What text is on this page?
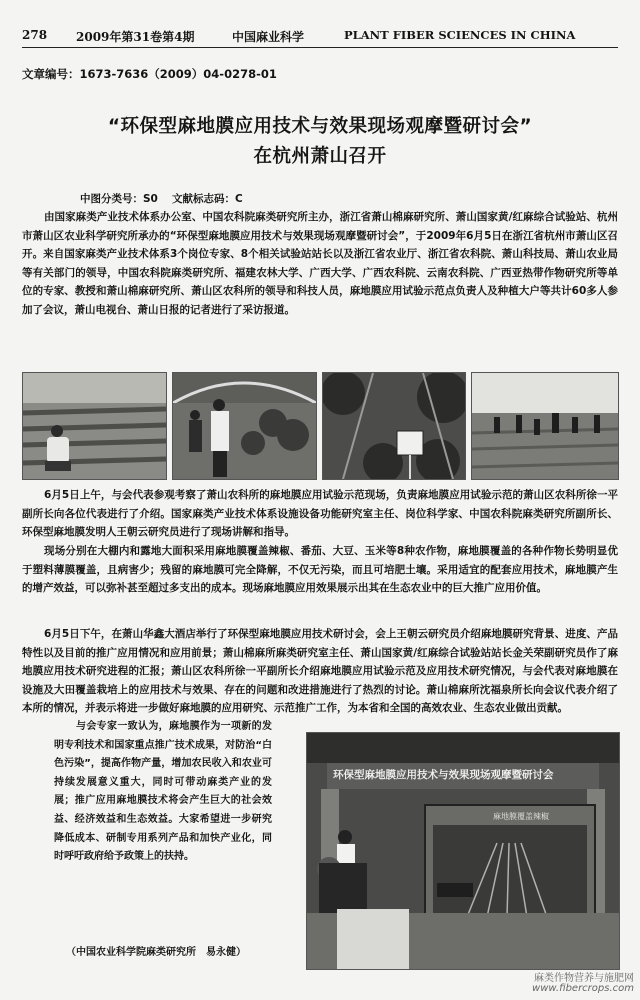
278 2009年第31卷第4期	中国麻业科学	PLANT FIBER SCIENCES IN CHINA
文章编号：1673-7636（2009）04-0278-01
“环保型麻地膜应用技术与效果现场观摩暨研讨会”
在杭州萧山召开
中图分类号：S0 文献标志码：C
由国家麻类产业技术体系办公室、中国农科院麻类研究所主办，浙江省萧山棉麻研究所、萧山国家黄/红麻综合试验站、杭州市萧山区农业科学研究所承办的“环保型麻地膜应用技术与效果现场观摩暨研讨会”，于2009年6月5日在浙江省杭州市萧山区召开。来自国家麻类产业技术体系3个岗位专家、8个相关试验站站长以及浙江省农业厅、浙江省农科院、萧山科技局、萧山农业局等有关部门的领导，中国农科院麻类研究所、福建农林大学、广西大学、广西农科院、云南农科院、广西亚热带作物研究所等单位的专家、教授和萧山棉麻研究所、萧山区农科所的领导和科技人员，麻地膜应用试验示范点负责人及种植大户等共计60多人参加了会议，萧山电视台、萧山日报的记者进行了采访报道。
6月5日上午，与会代表参观考察了萧山农科所的麻地膜应用试验示范现场，负责麻地膜应用试验示范的萧山区农科所徐一平副所长向各位代表进行了介绍。国家麻类产业技术体系设施设备功能研究室主任、岗位科学家、中国农科院麻类研究所副所长、环保型麻地膜发明人王朝云研究员进行了现场讲解和指导。
现场分别在大棚内和露地大面积采用麻地膜覆盖辣椒、番茄、大豆、玉米等8种农作物，麻地膜覆盖的各种作物长势明显优于塑料薄膜覆盖，且病害少；残留的麻地膜可完全降解，不仅无污染，而且可培肥土壤。采用适宜的配套应用技术，麻地膜产生的增产效益，可以弥补甚至超过多支出的成本。现场麻地膜应用效果展示出其在生态农业中的巨大推广应用价值。
6月5日下午，在萧山华鑫大酒店举行了环保型麻地膜应用技术研讨会，会上王朝云研究员介绍麻地膜研究背景、进度、产品特性以及目前的推广应用情况和应用前景；萧山棉麻所麻类研究室主任、萧山国家黄/红麻综合试验站站长金关荣副研究员作了麻地膜应用技术研究进程的汇报；萧山区农科所徐一平副所长介绍麻地膜应用试验示范及应用技术研究情况，与会代表对麻地膜在设施及大田覆盖栽培上的应用技术与效果、存在的问题和改进措施进行了热烈的讨论。萧山棉麻所沈福泉所长向会议代表介绍了本所的情况，并表示将进一步做好麻地膜的应用研究、示范推广工作，为本省和全国的高效农业、生态农业做出贡献。
与会专家一致认为，麻地膜作为一项新的发明专利技术和国家重点推广技术成果，对防治“白色污染”，提高作物产量，增加农民收入和农业可持续发展意义重大，同时可带动麻类产业的发展；推广应用麻地膜技术将会产生巨大的社会效益、经济效益和生态效益。大家希望进一步研究降低成本、研制专用系列产品和加快产业化，同时呼吁政府给予政策上的扶持。
（中国农业科学院麻类研究所　易永健）
环保型麻地膜应用技术与效果现场观摩暨研讨会
麻地膜覆盖辣椒
麻类作物营养与施肥网
www.fibercrops.com
